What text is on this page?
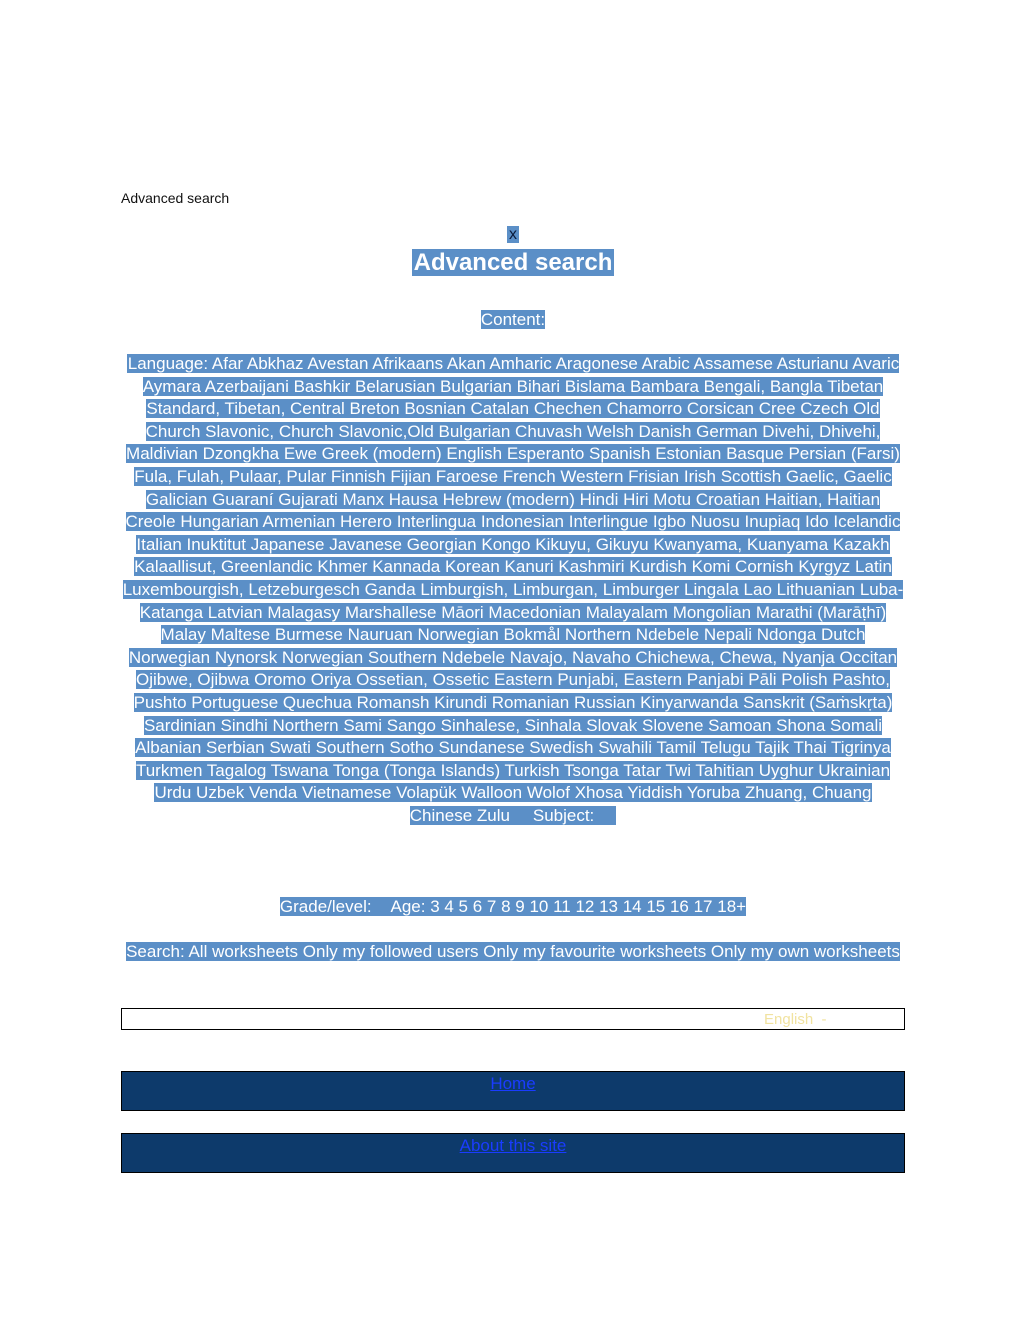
Advanced search
x
Advanced search
Content:
Language: Afar Abkhaz Avestan Afrikaans Akan Amharic Aragonese Arabic Assamese Asturianu Avaric Aymara Azerbaijani Bashkir Belarusian Bulgarian Bihari Bislama Bambara Bengali, Bangla Tibetan Standard, Tibetan, Central Breton Bosnian Catalan Chechen Chamorro Corsican Cree Czech Old Church Slavonic, Church Slavonic,Old Bulgarian Chuvash Welsh Danish German Divehi, Dhivehi, Maldivian Dzongkha Ewe Greek (modern) English Esperanto Spanish Estonian Basque Persian (Farsi) Fula, Fulah, Pulaar, Pular Finnish Fijian Faroese French Western Frisian Irish Scottish Gaelic, Gaelic Galician Guaraní Gujarati Manx Hausa Hebrew (modern) Hindi Hiri Motu Croatian Haitian, Haitian Creole Hungarian Armenian Herero Interlingua Indonesian Interlingue Igbo Nuosu Inupiaq Ido Icelandic Italian Inuktitut Japanese Javanese Georgian Kongo Kikuyu, Gikuyu Kwanyama, Kuanyama Kazakh Kalaallisut, Greenlandic Khmer Kannada Korean Kanuri Kashmiri Kurdish Komi Cornish Kyrgyz Latin Luxembourgish, Letzeburgesch Ganda Limburgish, Limburgan, Limburger Lingala Lao Lithuanian Luba-Katanga Latvian Malagasy Marshallese Māori Macedonian Malayalam Mongolian Marathi (Marāṭhī) Malay Maltese Burmese Nauruan Norwegian Bokmål Northern Ndebele Nepali Ndonga Dutch Norwegian Nynorsk Norwegian Southern Ndebele Navajo, Navaho Chichewa, Chewa, Nyanja Occitan Ojibwe, Ojibwa Oromo Oriya Ossetian, Ossetic Eastern Punjabi, Eastern Panjabi Pāli Polish Pashto, Pushto Portuguese Quechua Romansh Kirundi Romanian Russian Kinyarwanda Sanskrit (Saṁskṛta) Sardinian Sindhi Northern Sami Sango Sinhalese, Sinhala Slovak Slovene Samoan Shona Somali Albanian Serbian Swati Southern Sotho Sundanese Swedish Swahili Tamil Telugu Tajik Thai Tigrinya Turkmen Tagalog Tswana Tonga (Tonga Islands) Turkish Tsonga Tatar Twi Tahitian Uyghur Ukrainian Urdu Uzbek Venda Vietnamese Volapük Walloon Wolof Xhosa Yiddish Yoruba Zhuang, Chuang Chinese Zulu Subject:
Grade/level: Age: 3 4 5 6 7 8 9 10 11 12 13 14 15 16 17 18+
Search: All worksheets Only my followed users Only my favourite worksheets Only my own worksheets
English -
Home
About this site
